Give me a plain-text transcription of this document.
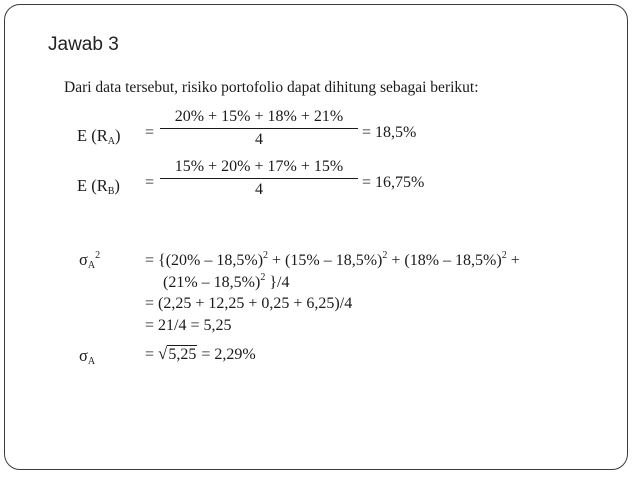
Jawab 3
Dari data tersebut, risiko portofolio dapat dihitung sebagai berikut:
E $(R_A) = \frac{20\% + 15\% + 18\% + 21\%}{4} = 18,5\%$
E $(R_B) = \frac{15\% + 20\% + 17\% + 15\%}{4} = 16,75\%$
$\sigma_A^2$	= {(20% – 18,5%)$^2$ + (15% – 18,5%)$^2$ + (18% – 18,5%)$^2$ +
(21% – 18,5%)$^2$ }/4
= (2,25 + 12,25 + 0,25 + 6,25)/4
= 21/4 = 5,25
$\sigma_A$	= √5,25 = 2,29%
